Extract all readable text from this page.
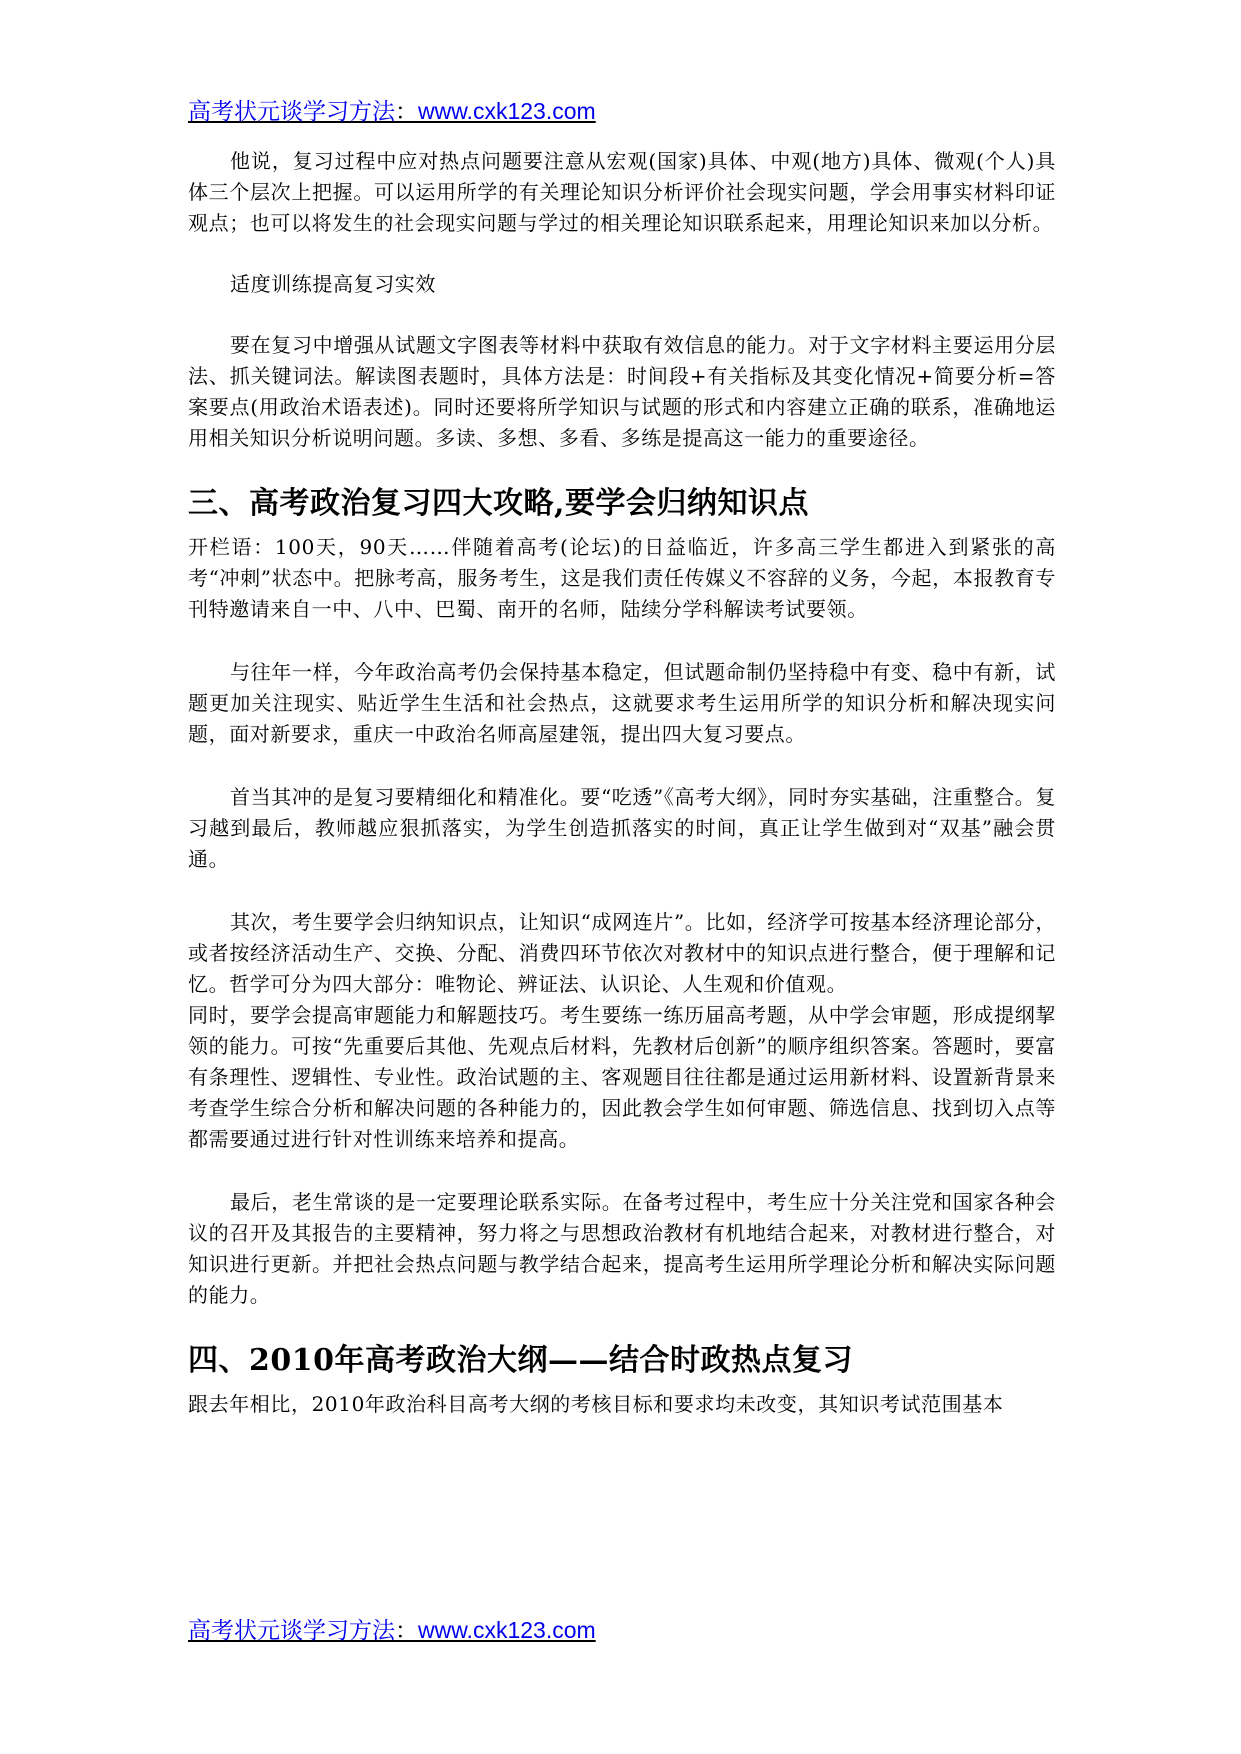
高考状元谈学习方法：www.cxk123.com

他说，复习过程中应对热点问题要注意从宏观(国家)具体、中观(地方)具体、微观(个人)具体三个层次上把握。可以运用所学的有关理论知识分析评价社会现实问题，学会用事实材料印证观点；也可以将发生的社会现实问题与学过的相关理论知识联系起来，用理论知识来加以分析。

适度训练提高复习实效

要在复习中增强从试题文字图表等材料中获取有效信息的能力。对于文字材料主要运用分层法、抓关键词法。解读图表题时，具体方法是：时间段+有关指标及其变化情况+简要分析=答案要点(用政治术语表述)。同时还要将所学知识与试题的形式和内容建立正确的联系，准确地运用相关知识分析说明问题。多读、多想、多看、多练是提高这一能力的重要途径。

三、高考政治复习四大攻略,要学会归纳知识点

开栏语：100天，90天……伴随着高考(论坛)的日益临近，许多高三学生都进入到紧张的高考“冲刺”状态中。把脉考高，服务考生，这是我们责任传媒义不容辞的义务，今起，本报教育专刊特邀请来自一中、八中、巴蜀、南开的名师，陆续分学科解读考试要领。

与往年一样，今年政治高考仍会保持基本稳定，但试题命制仍坚持稳中有变、稳中有新，试题更加关注现实、贴近学生生活和社会热点，这就要求考生运用所学的知识分析和解决现实问题，面对新要求，重庆一中政治名师高屋建瓴，提出四大复习要点。

首当其冲的是复习要精细化和精准化。要“吃透”《高考大纲》，同时夯实基础，注重整合。复习越到最后，教师越应狠抓落实，为学生创造抓落实的时间，真正让学生做到对“双基”融会贯通。

其次，考生要学会归纳知识点，让知识“成网连片”。比如，经济学可按基本经济理论部分，或者按经济活动生产、交换、分配、消费四环节依次对教材中的知识点进行整合，便于理解和记忆。哲学可分为四大部分：唯物论、辨证法、认识论、人生观和价值观。

同时，要学会提高审题能力和解题技巧。考生要练一练历届高考题，从中学会审题，形成提纲挈领的能力。可按“先重要后其他、先观点后材料，先教材后创新”的顺序组织答案。答题时，要富有条理性、逻辑性、专业性。政治试题的主、客观题目往往都是通过运用新材料、设置新背景来考查学生综合分析和解决问题的各种能力的，因此教会学生如何审题、筛选信息、找到切入点等都需要通过进行针对性训练来培养和提高。

最后，老生常谈的是一定要理论联系实际。在备考过程中，考生应十分关注党和国家各种会议的召开及其报告的主要精神，努力将之与思想政治教材有机地结合起来，对教材进行整合，对知识进行更新。并把社会热点问题与教学结合起来，提高考生运用所学理论分析和解决实际问题的能力。

四、2010年高考政治大纲——结合时政热点复习

跟去年相比，2010年政治科目高考大纲的考核目标和要求均未改变，其知识考试范围基本

高考状元谈学习方法：www.cxk123.com
